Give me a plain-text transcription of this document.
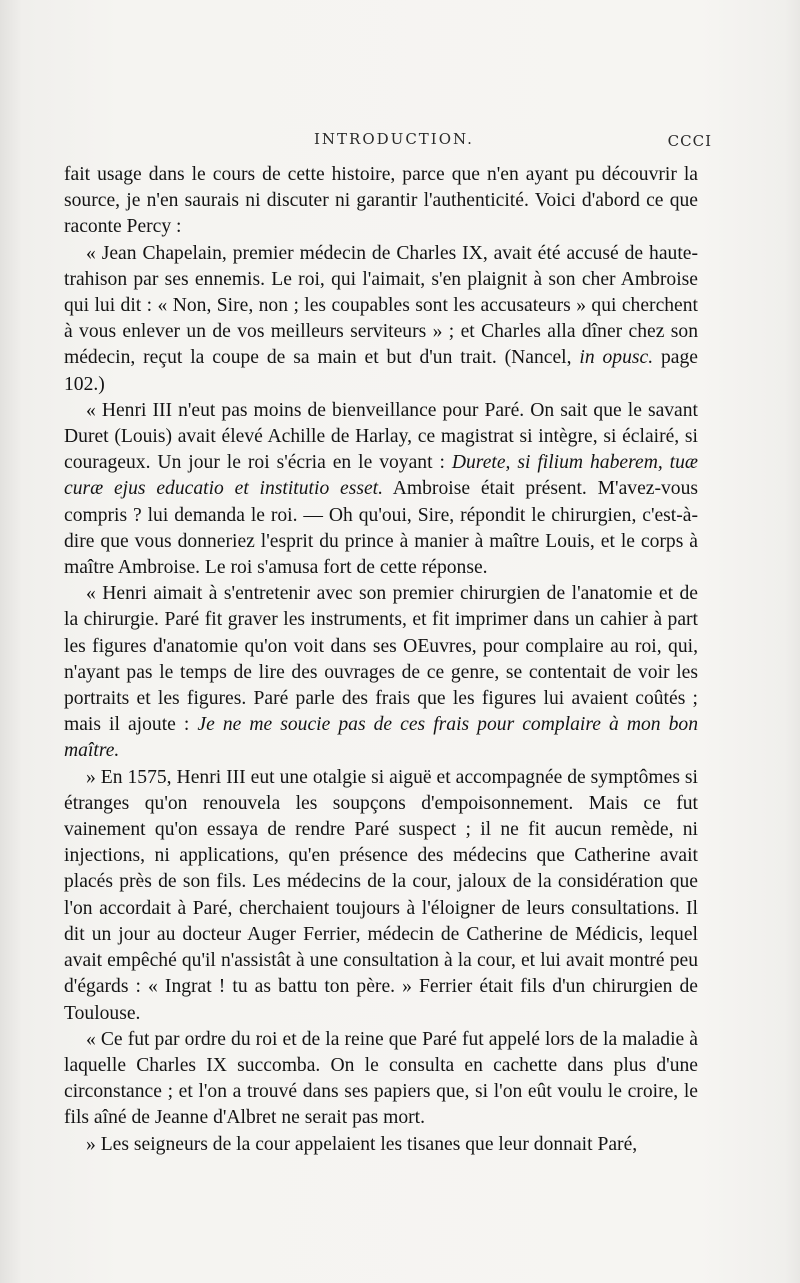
INTRODUCTION.	CCCI

fait usage dans le cours de cette histoire, parce que n'en ayant pu découvrir la source, je n'en saurais ni discuter ni garantir l'authenticité. Voici d'abord ce que raconte Percy :

« Jean Chapelain, premier médecin de Charles IX, avait été accusé de haute-trahison par ses ennemis. Le roi, qui l'aimait, s'en plaignit à son cher Ambroise qui lui dit : « Non, Sire, non ; les coupables sont les accusateurs » qui cherchent à vous enlever un de vos meilleurs serviteurs » ; et Charles alla dîner chez son médecin, reçut la coupe de sa main et but d'un trait. (Nancel, in opusc. page 102.)

« Henri III n'eut pas moins de bienveillance pour Paré. On sait que le savant Duret (Louis) avait élevé Achille de Harlay, ce magistrat si intègre, si éclairé, si courageux. Un jour le roi s'écria en le voyant : Durete, si filium haberem, tuæ curæ ejus educatio et institutio esset. Ambroise était présent. M'avez-vous compris ? lui demanda le roi. — Oh qu'oui, Sire, répondit le chirurgien, c'est-à-dire que vous donneriez l'esprit du prince à manier à maître Louis, et le corps à maître Ambroise. Le roi s'amusa fort de cette réponse.

« Henri aimait à s'entretenir avec son premier chirurgien de l'anatomie et de la chirurgie. Paré fit graver les instruments, et fit imprimer dans un cahier à part les figures d'anatomie qu'on voit dans ses OEuvres, pour complaire au roi, qui, n'ayant pas le temps de lire des ouvrages de ce genre, se contentait de voir les portraits et les figures. Paré parle des frais que les figures lui avaient coûtés ; mais il ajoute : Je ne me soucie pas de ces frais pour complaire à mon bon maître.

» En 1575, Henri III eut une otalgie si aiguë et accompagnée de symptômes si étranges qu'on renouvela les soupçons d'empoisonnement. Mais ce fut vainement qu'on essaya de rendre Paré suspect ; il ne fit aucun remède, ni injections, ni applications, qu'en présence des médecins que Catherine avait placés près de son fils. Les médecins de la cour, jaloux de la considération que l'on accordait à Paré, cherchaient toujours à l'éloigner de leurs consultations. Il dit un jour au docteur Auger Ferrier, médecin de Catherine de Médicis, lequel avait empêché qu'il n'assistât à une consultation à la cour, et lui avait montré peu d'égards : « Ingrat ! tu as battu ton père. » Ferrier était fils d'un chirurgien de Toulouse.

« Ce fut par ordre du roi et de la reine que Paré fut appelé lors de la maladie à laquelle Charles IX succomba. On le consulta en cachette dans plus d'une circonstance ; et l'on a trouvé dans ses papiers que, si l'on eût voulu le croire, le fils aîné de Jeanne d'Albret ne serait pas mort.

» Les seigneurs de la cour appelaient les tisanes que leur donnait Paré,
